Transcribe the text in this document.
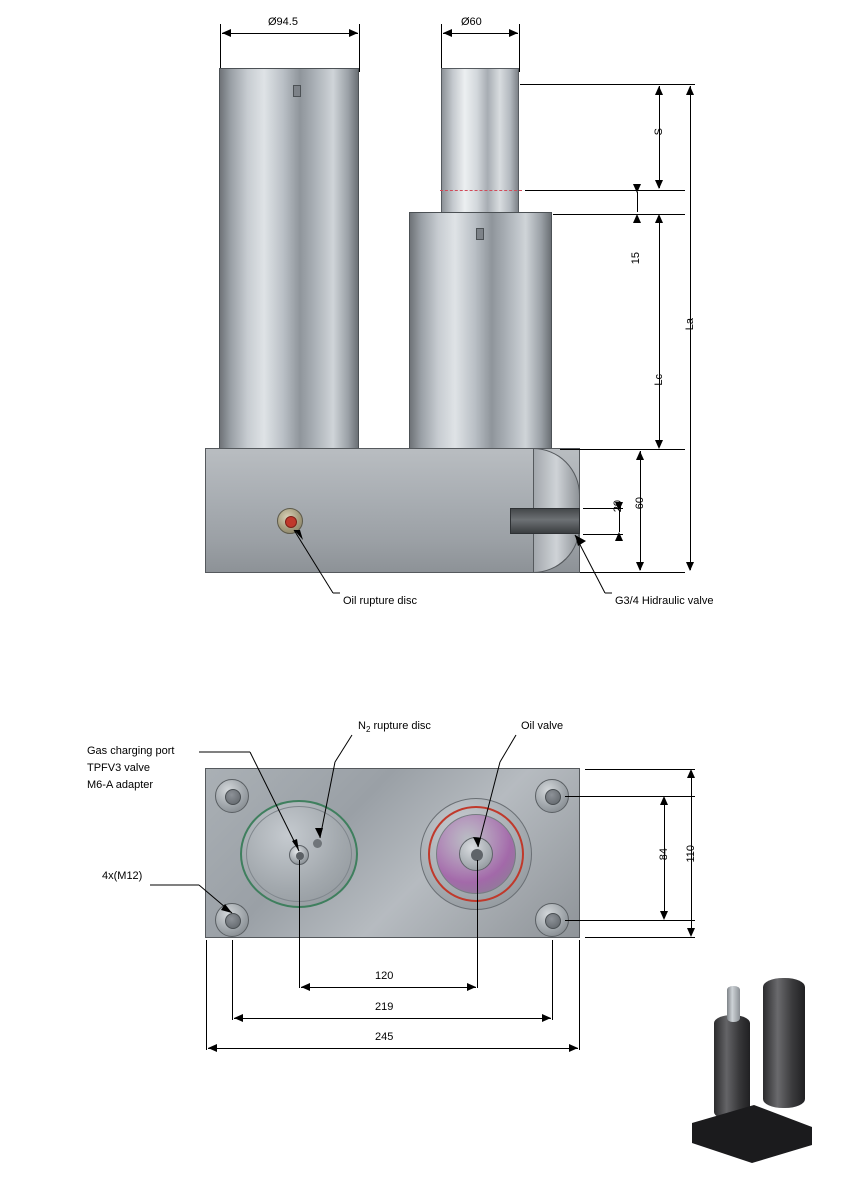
Ø94.5	Ø60
S
15
Lc
La
60
20
Oil rupture disc	G3/4 Hidraulic valve
Gas charging port
TPFV3 valve
M6-A adapter
$N_2$ rupture disc	Oil valve
4x(M12)
84 110
120
219
245
